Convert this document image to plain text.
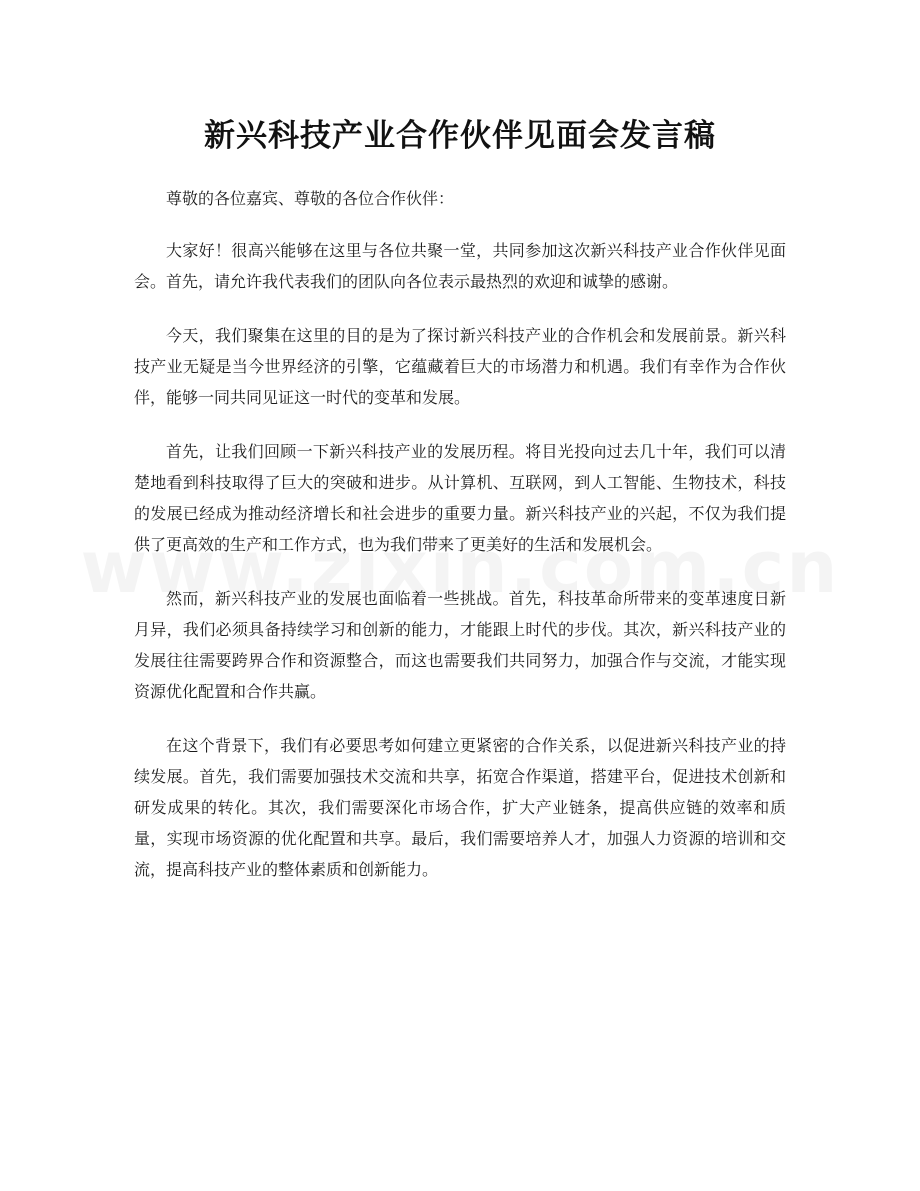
新兴科技产业合作伙伴见面会发言稿

尊敬的各位嘉宾、尊敬的各位合作伙伴：

大家好！很高兴能够在这里与各位共聚一堂，共同参加这次新兴科技产业合作伙伴见面会。首先，请允许我代表我们的团队向各位表示最热烈的欢迎和诚挚的感谢。

今天，我们聚集在这里的目的是为了探讨新兴科技产业的合作机会和发展前景。新兴科技产业无疑是当今世界经济的引擎，它蕴藏着巨大的市场潜力和机遇。我们有幸作为合作伙伴，能够一同共同见证这一时代的变革和发展。

首先，让我们回顾一下新兴科技产业的发展历程。将目光投向过去几十年，我们可以清楚地看到科技取得了巨大的突破和进步。从计算机、互联网，到人工智能、生物技术，科技的发展已经成为推动经济增长和社会进步的重要力量。新兴科技产业的兴起，不仅为我们提供了更高效的生产和工作方式，也为我们带来了更美好的生活和发展机会。

然而，新兴科技产业的发展也面临着一些挑战。首先，科技革命所带来的变革速度日新月异，我们必须具备持续学习和创新的能力，才能跟上时代的步伐。其次，新兴科技产业的发展往往需要跨界合作和资源整合，而这也需要我们共同努力，加强合作与交流，才能实现资源优化配置和合作共赢。

在这个背景下，我们有必要思考如何建立更紧密的合作关系，以促进新兴科技产业的持续发展。首先，我们需要加强技术交流和共享，拓宽合作渠道，搭建平台，促进技术创新和研发成果的转化。其次，我们需要深化市场合作，扩大产业链条，提高供应链的效率和质量，实现市场资源的优化配置和共享。最后，我们需要培养人才，加强人力资源的培训和交流，提高科技产业的整体素质和创新能力。
